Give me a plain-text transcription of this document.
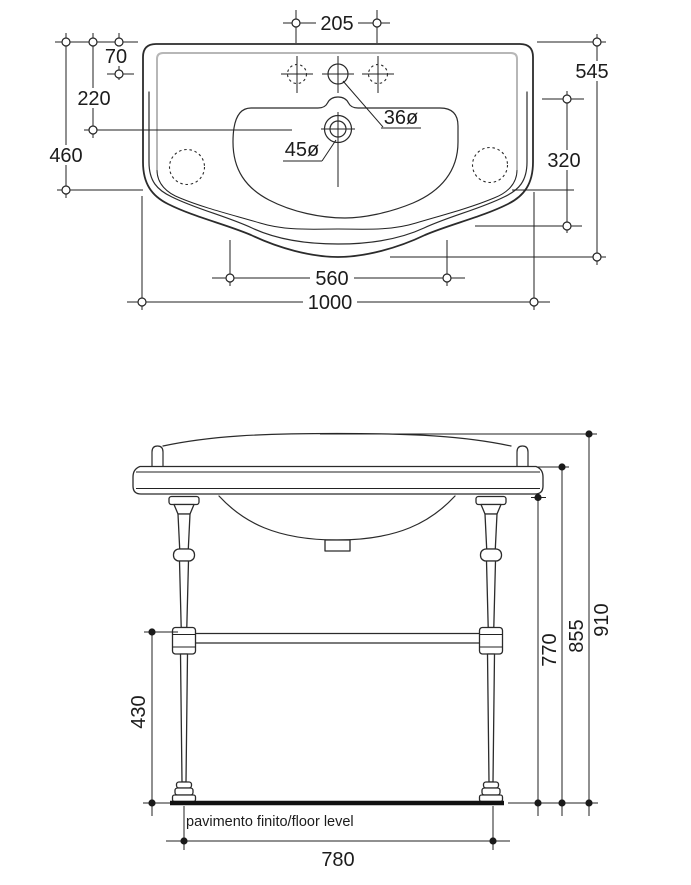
205
70
220
460
545
320
36ø
45ø
560
1000
pavimento finito/floor level
430
770 855 910
780
